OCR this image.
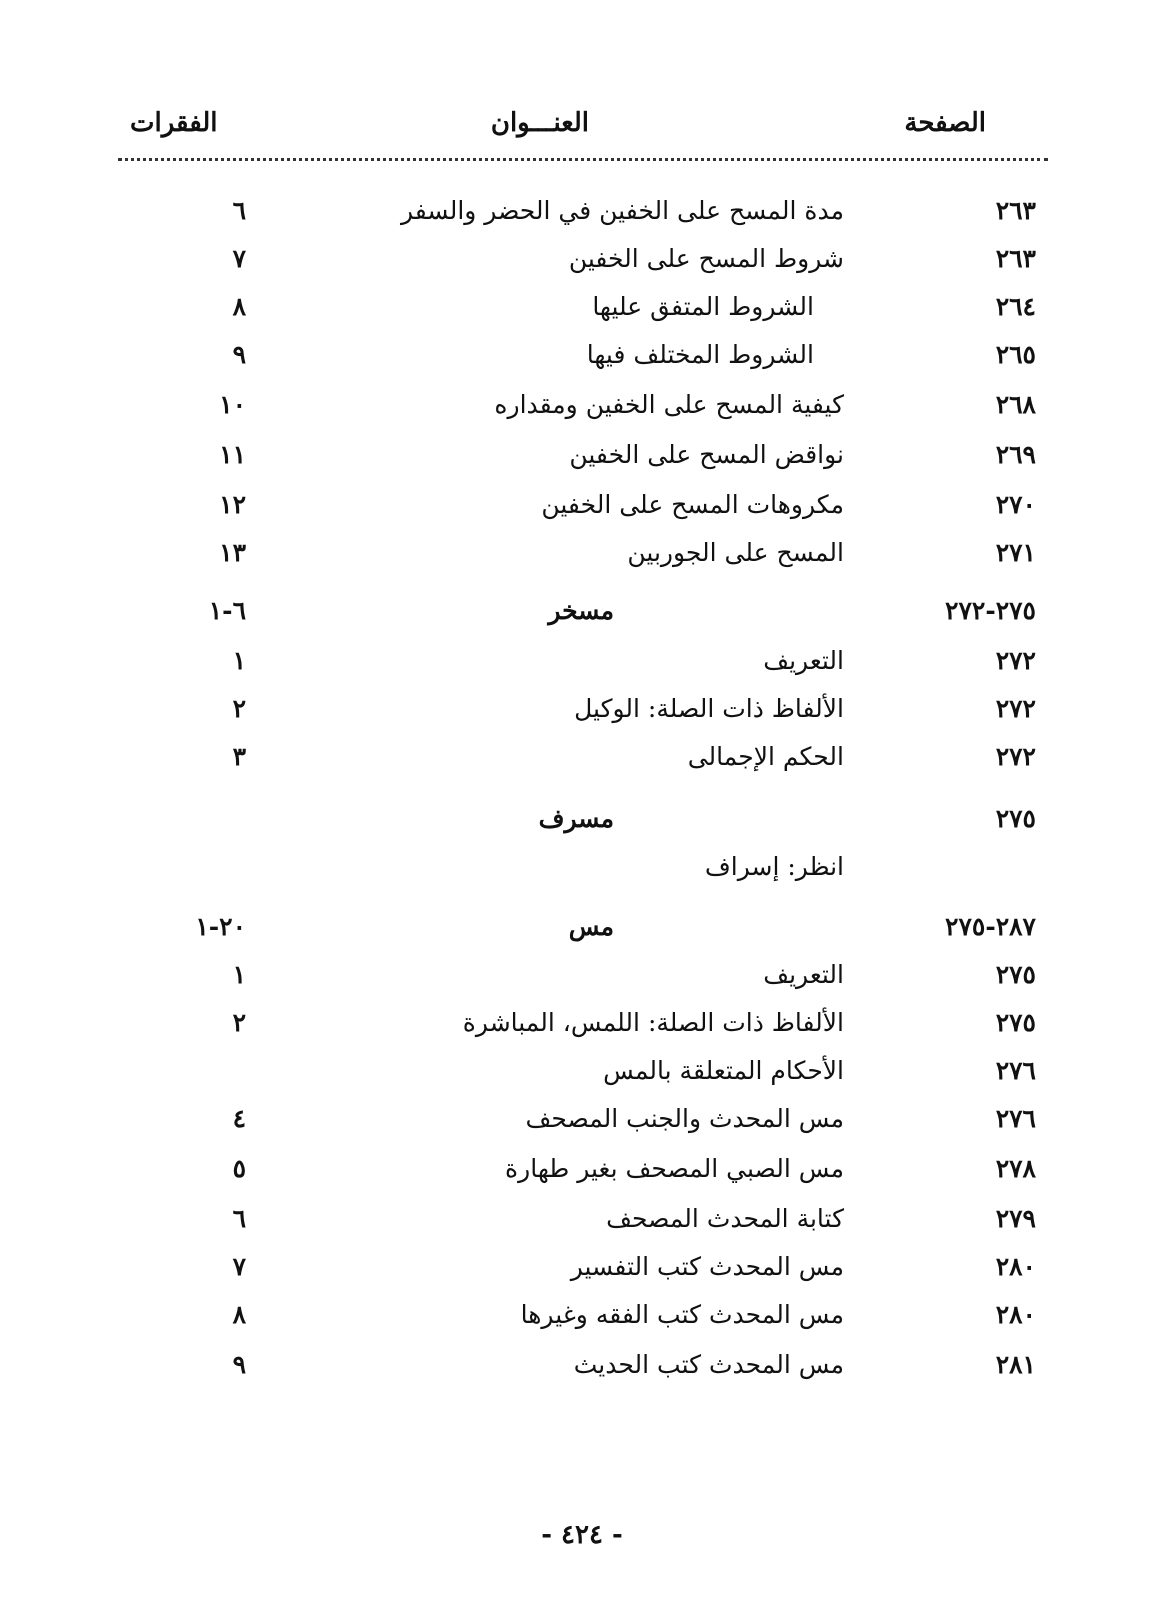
الصفحة
العنـــوان
الفقرات
٢٦٣
مدة المسح على الخفين في الحضر والسفر
٦
٢٦٣
شروط المسح على الخفين
٧
٢٦٤
الشروط المتفق عليها
٨
٢٦٥
الشروط المختلف فيها
٩
٢٦٨
كيفية المسح على الخفين ومقداره
١٠
٢٦٩
نواقض المسح على الخفين
١١
٢٧٠
مكروهات المسح على الخفين
١٢
٢٧١
المسح على الجوربين
١٣
٢٧٥-٢٧٢
مسخر
٦-١
٢٧٢
التعريف
١
٢٧٢
الألفاظ ذات الصلة: الوكيل
٢
٢٧٢
الحكم الإجمالى
٣
٢٧٥
مسرف
انظر: إسراف
٢٨٧-٢٧٥
مس
٢٠-١
٢٧٥
التعريف
١
٢٧٥
الألفاظ ذات الصلة: اللمس، المباشرة
٢
٢٧٦
الأحكام المتعلقة بالمس
٢٧٦
مس المحدث والجنب المصحف
٤
٢٧٨
مس الصبي المصحف بغير طهارة
٥
٢٧٩
كتابة المحدث المصحف
٦
٢٨٠
مس المحدث كتب التفسير
٧
٢٨٠
مس المحدث كتب الفقه وغيرها
٨
٢٨١
مس المحدث كتب الحديث
٩
- ٤٢٤ -
